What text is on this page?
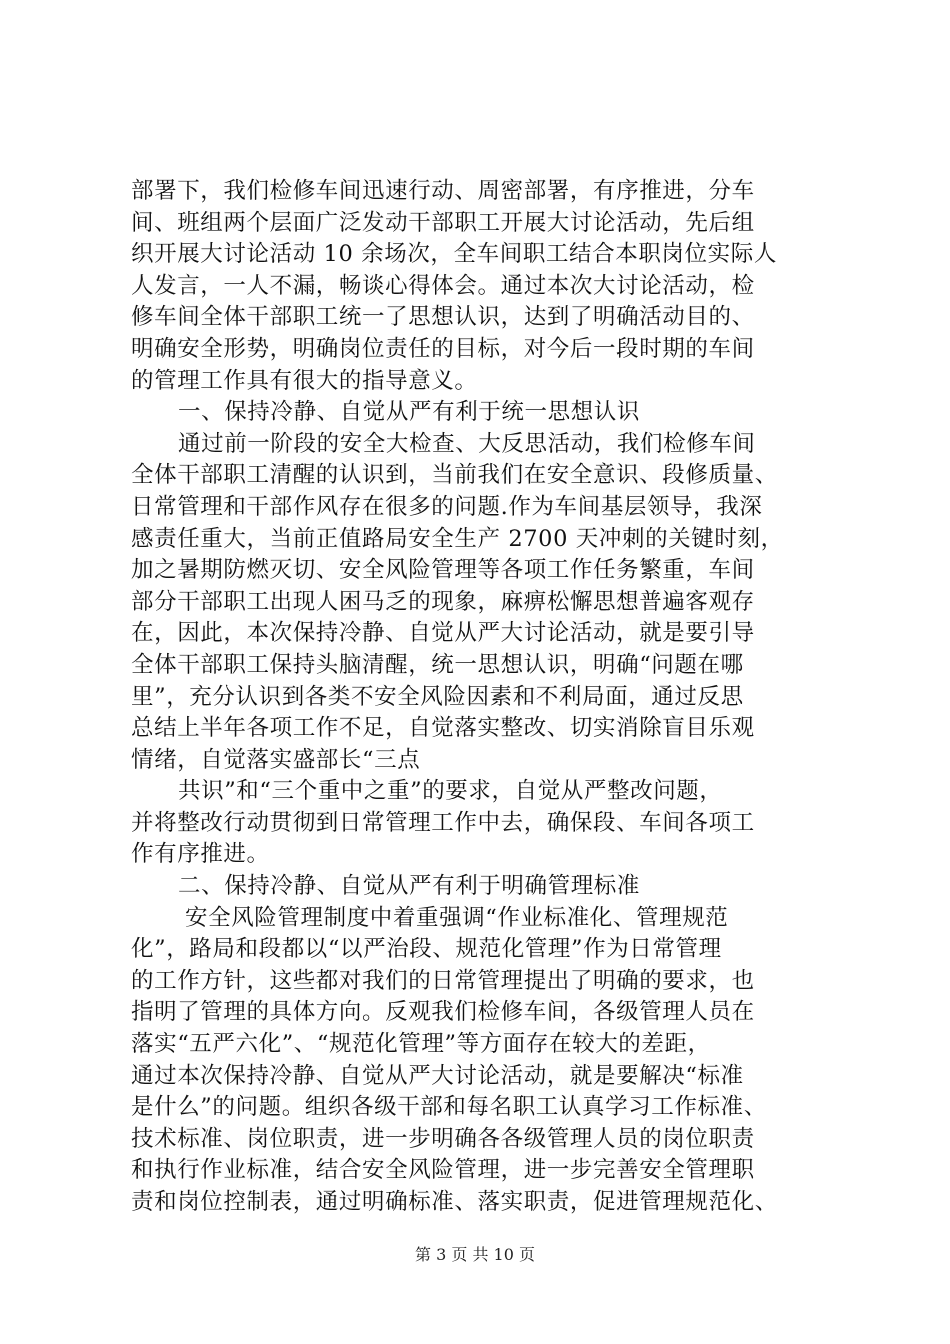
部署下，我们检修车间迅速行动、周密部署，有序推进，分车
间、班组两个层面广泛发动干部职工开展大讨论活动，先后组
织开展大讨论活动 10 余场次，全车间职工结合本职岗位实际人
人发言，一人不漏，畅谈心得体会。通过本次大讨论活动，检
修车间全体干部职工统一了思想认识，达到了明确活动目的、
明确安全形势，明确岗位责任的目标，对今后一段时期的车间
的管理工作具有很大的指导意义。
一、保持冷静、自觉从严有利于统一思想认识
通过前一阶段的安全大检查、大反思活动，我们检修车间
全体干部职工清醒的认识到，当前我们在安全意识、段修质量、
日常管理和干部作风存在很多的问题.作为车间基层领导，我深
感责任重大，当前正值路局安全生产 2700 天冲刺的关键时刻，
加之暑期防燃灭切、安全风险管理等各项工作任务繁重，车间
部分干部职工出现人困马乏的现象，麻痹松懈思想普遍客观存
在，因此，本次保持冷静、自觉从严大讨论活动，就是要引导
全体干部职工保持头脑清醒，统一思想认识，明确“问题在哪
里”，充分认识到各类不安全风险因素和不利局面，通过反思
总结上半年各项工作不足，自觉落实整改、切实消除盲目乐观
情绪，自觉落实盛部长“三点
共识”和“三个重中之重”的要求，自觉从严整改问题，
并将整改行动贯彻到日常管理工作中去，确保段、车间各项工
作有序推进。
二、保持冷静、自觉从严有利于明确管理标准
安全风险管理制度中着重强调“作业标准化、管理规范
化”，路局和段都以“以严治段、规范化管理”作为日常管理
的工作方针，这些都对我们的日常管理提出了明确的要求，也
指明了管理的具体方向。反观我们检修车间，各级管理人员在
落实“五严六化”、“规范化管理”等方面存在较大的差距，
通过本次保持冷静、自觉从严大讨论活动，就是要解决“标准
是什么”的问题。组织各级干部和每名职工认真学习工作标准、
技术标准、岗位职责，进一步明确各各级管理人员的岗位职责
和执行作业标准，结合安全风险管理，进一步完善安全管理职
责和岗位控制表，通过明确标准、落实职责，促进管理规范化、
第 3 页 共 10 页
